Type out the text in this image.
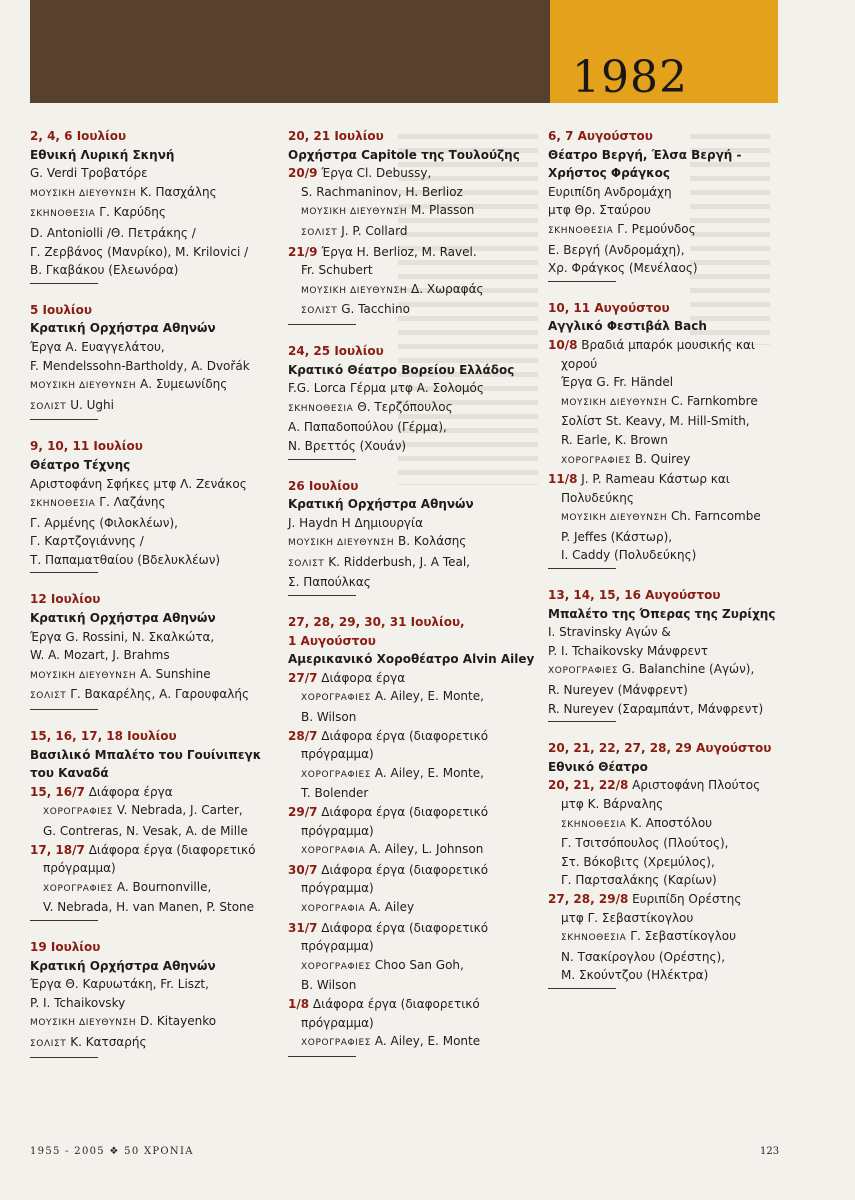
1982
2, 4, 6 Ιουλίου
Εθνική Λυρική Σκηνή
G. Verdi Τροβατόρε
ΜΟΥΣΙΚΗ ΔΙΕΥΘΥΝΣΗ Κ. Πασχάλης
ΣΚΗΝΟΘΕΣΙΑ Γ. Καρύδης
D. Antoniolli /Θ. Πετράκης /
Γ. Ζερβάνος (Μανρίκο), M. Krilovici /
Β. Γκαβάκου (Ελεωνόρα)
5 Ιουλίου
Κρατική Ορχήστρα Αθηνών
Έργα Α. Ευαγγελάτου,
F. Mendelssohn-Bartholdy, A. Dvořák
ΜΟΥΣΙΚΗ ΔΙΕΥΘΥΝΣΗ Α. Συμεωνίδης
ΣΟΛΙΣΤ U. Ughi
9, 10, 11 Ιουλίου
Θέατρο Τέχνης
Αριστοφάνη Σφήκες μτφ Λ. Ζενάκος
ΣΚΗΝΟΘΕΣΙΑ Γ. Λαζάνης
Γ. Αρμένης (Φιλοκλέων),
Γ. Καρτζογιάννης /
Τ. Παπαματθαίου (Βδελυκλέων)
12 Ιουλίου
Κρατική Ορχήστρα Αθηνών
Έργα G. Rossini, Ν. Σκαλκώτα,
W. A. Mozart, J. Brahms
ΜΟΥΣΙΚΗ ΔΙΕΥΘΥΝΣΗ A. Sunshine
ΣΟΛΙΣΤ Γ. Βακαρέλης, Α. Γαρουφαλής
15, 16, 17, 18 Ιουλίου
Βασιλικό Μπαλέτο του Γουίνιπεγκ
του Καναδά
15, 16/7 Διάφορα έργα
ΧΟΡΟΓΡΑΦΙΕΣ V. Nebrada, J. Carter,
G. Contreras, N. Vesak, A. de Mille
17, 18/7 Διάφορα έργα (διαφορετικό
πρόγραμμα)
ΧΟΡΟΓΡΑΦΙΕΣ A. Bournonville,
V. Nebrada, H. van Manen, P. Stone
19 Ιουλίου
Κρατική Ορχήστρα Αθηνών
Έργα Θ. Καρυωτάκη, Fr. Liszt,
P. I. Tchaikovsky
ΜΟΥΣΙΚΗ ΔΙΕΥΘΥΝΣΗ D. Kitayenko
ΣΟΛΙΣΤ Κ. Κατσαρής
20, 21 Ιουλίου
Ορχήστρα Capitole της Τουλούζης
20/9 Έργα Cl. Debussy,
S. Rachmaninov, H. Berlioz
ΜΟΥΣΙΚΗ ΔΙΕΥΘΥΝΣΗ M. Plasson
ΣΟΛΙΣΤ J. P. Collard
21/9 Έργα H. Berlioz, M. Ravel.
Fr. Schubert
ΜΟΥΣΙΚΗ ΔΙΕΥΘΥΝΣΗ Δ. Χωραφάς
ΣΟΛΙΣΤ G. Tacchino
24, 25 Ιουλίου
Κρατικό Θέατρο Βορείου Ελλάδος
F.G. Lorca Γέρμα μτφ Α. Σολομός
ΣΚΗΝΟΘΕΣΙΑ Θ. Τερζόπουλος
Α. Παπαδοπούλου (Γέρμα),
Ν. Βρεττός (Χουάν)
26 Ιουλίου
Κρατική Ορχήστρα Αθηνών
J. Haydn Η Δημιουργία
ΜΟΥΣΙΚΗ ΔΙΕΥΘΥΝΣΗ Β. Κολάσης
ΣΟΛΙΣΤ K. Ridderbush, J. A Teal,
Σ. Παπούλκας
27, 28, 29, 30, 31 Ιουλίου,
1 Αυγούστου
Αμερικανικό Χοροθέατρο Alvin Ailey
27/7 Διάφορα έργα
ΧΟΡΟΓΡΑΦΙΕΣ A. Ailey, E. Monte,
B. Wilson
28/7 Διάφορα έργα (διαφορετικό
πρόγραμμα)
ΧΟΡΟΓΡΑΦΙΕΣ A. Ailey, E. Monte,
T. Bolender
29/7 Διάφορα έργα (διαφορετικό
πρόγραμμα)
ΧΟΡΟΓΡΑΦΙΑ A. Ailey, L. Johnson
30/7 Διάφορα έργα (διαφορετικό
πρόγραμμα)
ΧΟΡΟΓΡΑΦΙΑ A. Ailey
31/7 Διάφορα έργα (διαφορετικό
πρόγραμμα)
ΧΟΡΟΓΡΑΦΙΕΣ Choo San Goh,
B. Wilson
1/8 Διάφορα έργα (διαφορετικό
πρόγραμμα)
ΧΟΡΟΓΡΑΦΙΕΣ A. Ailey, E. Monte
6, 7 Αυγούστου
Θέατρο Βεργή, Έλσα Βεργή -
Χρήστος Φράγκος
Ευριπίδη Ανδρομάχη
μτφ Θρ. Σταύρου
ΣΚΗΝΟΘΕΣΙΑ Γ. Ρεμούνδος
Ε. Βεργή (Ανδρομάχη),
Χρ. Φράγκος (Μενέλαος)
10, 11 Αυγούστου
Αγγλικό Φεστιβάλ Bach
10/8 Βραδιά μπαρόκ μουσικής και
χορού
Έργα G. Fr. Händel
ΜΟΥΣΙΚΗ ΔΙΕΥΘΥΝΣΗ C. Farnkombre
Σολίστ St. Keavy, M. Hill-Smith,
R. Earle, K. Brown
ΧΟΡΟΓΡΑΦΙΕΣ B. Quirey
11/8 J. P. Rameau Κάστωρ και
Πολυδεύκης
ΜΟΥΣΙΚΗ ΔΙΕΥΘΥΝΣΗ Ch. Farncombe
P. Jeffes (Κάστωρ),
I. Caddy (Πολυδεύκης)
13, 14, 15, 16 Αυγούστου
Μπαλέτο της Όπερας της Ζυρίχης
I. Stravinsky Αγών &
P. I. Tchaikovsky Μάνφρεντ
ΧΟΡΟΓΡΑΦΙΕΣ G. Balanchine (Αγών),
R. Nureyev (Μάνφρεντ)
R. Nureyev (Σαραμπάντ, Μάνφρεντ)
20, 21, 22, 27, 28, 29 Αυγούστου
Εθνικό Θέατρο
20, 21, 22/8 Αριστοφάνη Πλούτος
μτφ Κ. Βάρναλης
ΣΚΗΝΟΘΕΣΙΑ Κ. Αποστόλου
Γ. Τσιτσόπουλος (Πλούτος),
Στ. Βόκοβιτς (Χρεμύλος),
Γ. Παρτσαλάκης (Καρίων)
27, 28, 29/8 Ευριπίδη Ορέστης
μτφ Γ. Σεβαστίκογλου
ΣΚΗΝΟΘΕΣΙΑ Γ. Σεβαστίκογλου
Ν. Τσακίρογλου (Ορέστης),
Μ. Σκούντζου (Ηλέκτρα)
1955 - 2005 ❖ 50 ΧΡΟΝΙΑ	123
